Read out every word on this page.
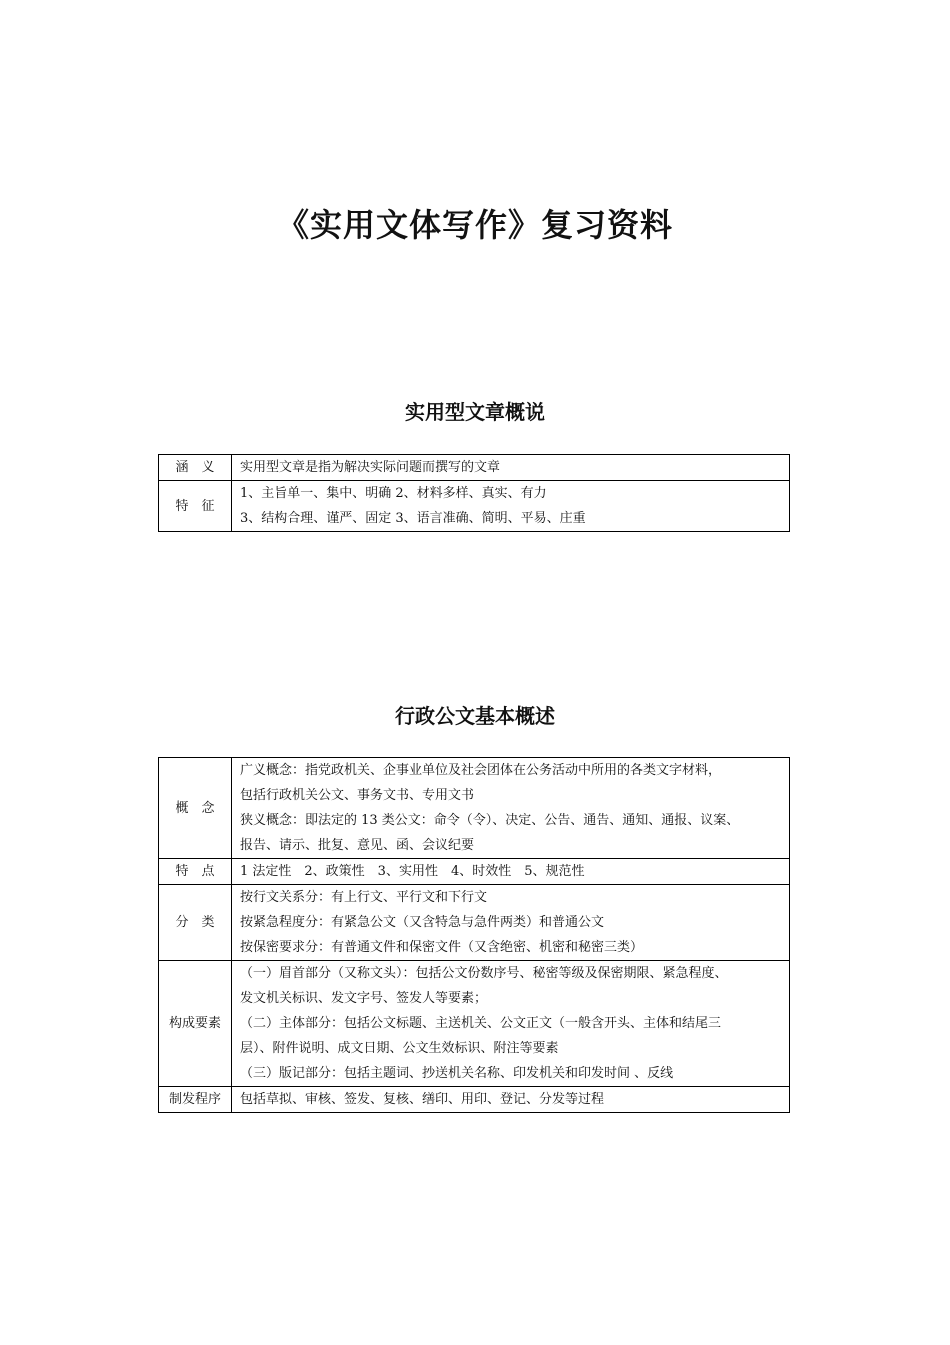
《实用文体写作》复习资料
实用型文章概说
涵　义	实用型文章是指为解决实际问题而撰写的文章

特　征	1、主旨单一、集中、明确 2、材料多样、真实、有力
3、结构合理、谨严、固定 3、语言准确、简明、平易、庄重
行政公文基本概述
概　念	广义概念：指党政机关、企事业单位及社会团体在公务活动中所用的各类文字材料，
包括行政机关公文、事务文书、专用文书
狭义概念：即法定的 13 类公文：命令（令）、决定、公告、通告、通知、通报、议案、
报告、请示、批复、意见、函、会议纪要

特　点	1 法定性　2、政策性　3、实用性　4、时效性　5、规范性

分　类	按行文关系分：有上行文、平行文和下行文
按紧急程度分：有紧急公文（又含特急与急件两类）和普通公文
按保密要求分：有普通文件和保密文件（又含绝密、机密和秘密三类）

构成要素	（一）眉首部分（又称文头）：包括公文份数序号、秘密等级及保密期限、紧急程度、
发文机关标识、发文字号、签发人等要素；
（二）主体部分：包括公文标题、主送机关、公文正文（一般含开头、主体和结尾三
层）、附件说明、成文日期、公文生效标识、附注等要素
（三）版记部分：包括主题词、抄送机关名称、印发机关和印发时间 、反线

制发程序	包括草拟、审核、签发、复核、缮印、用印、登记、分发等过程
